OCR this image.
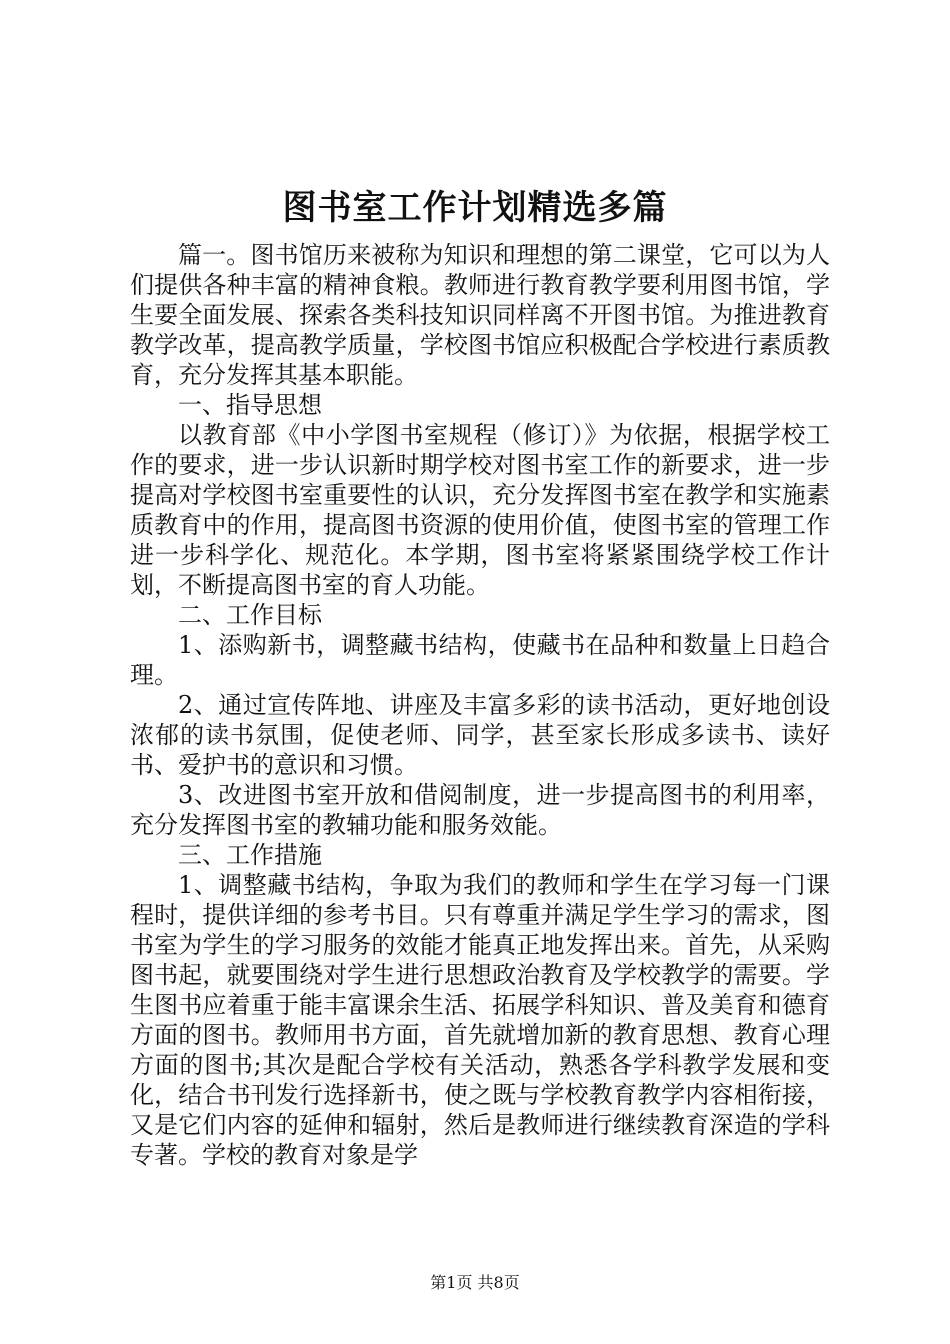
图书室工作计划精选多篇

篇一。图书馆历来被称为知识和理想的第二课堂，它可以为人们提供各种丰富的精神食粮。教师进行教育教学要利用图书馆，学生要全面发展、探索各类科技知识同样离不开图书馆。为推进教育教学改革，提高教学质量，学校图书馆应积极配合学校进行素质教育，充分发挥其基本职能。

一、指导思想

以教育部《中小学图书室规程（修订）》为依据，根据学校工作的要求，进一步认识新时期学校对图书室工作的新要求，进一步提高对学校图书室重要性的认识，充分发挥图书室在教学和实施素质教育中的作用，提高图书资源的使用价值，使图书室的管理工作进一步科学化、规范化。本学期，图书室将紧紧围绕学校工作计划，不断提高图书室的育人功能。

二、工作目标

1、添购新书，调整藏书结构，使藏书在品种和数量上日趋合理。

2、通过宣传阵地、讲座及丰富多彩的读书活动，更好地创设浓郁的读书氛围，促使老师、同学，甚至家长形成多读书、读好书、爱护书的意识和习惯。

3、改进图书室开放和借阅制度，进一步提高图书的利用率，充分发挥图书室的教辅功能和服务效能。

三、工作措施

1、调整藏书结构，争取为我们的教师和学生在学习每一门课程时，提供详细的参考书目。只有尊重并满足学生学习的需求，图书室为学生的学习服务的效能才能真正地发挥出来。首先，从采购图书起，就要围绕对学生进行思想政治教育及学校教学的需要。学生图书应着重于能丰富课余生活、拓展学科知识、普及美育和德育方面的图书。教师用书方面，首先就增加新的教育思想、教育心理方面的图书;其次是配合学校有关活动，熟悉各学科教学发展和变化，结合书刊发行选择新书，使之既与学校教育教学内容相衔接，又是它们内容的延伸和辐射，然后是教师进行继续教育深造的学科专著。学校的教育对象是学

第1页 共8页
